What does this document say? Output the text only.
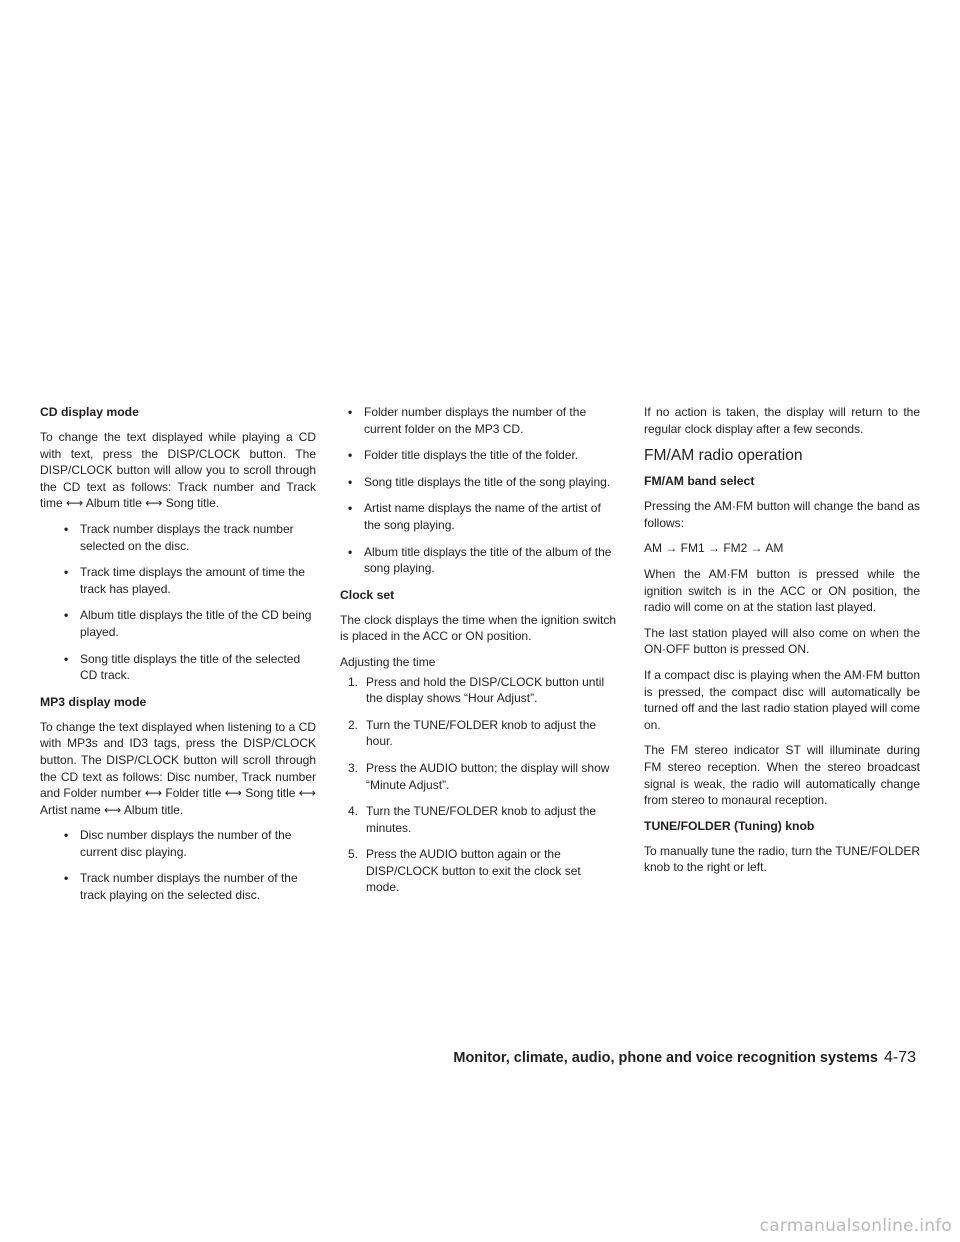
CD display mode

To change the text displayed while playing a CD with text, press the DISP/CLOCK button. The DISP/CLOCK button will allow you to scroll through the CD text as follows: Track number and Track time ⟷ Album title ⟷ Song title.

• Track number displays the track number selected on the disc.
• Track time displays the amount of time the track has played.
• Album title displays the title of the CD being played.
• Song title displays the title of the selected CD track.
MP3 display mode

To change the text displayed when listening to a CD with MP3s and ID3 tags, press the DISP/CLOCK button. The DISP/CLOCK button will scroll through the CD text as follows: Disc number, Track number and Folder number ⟷ Folder title ⟷ Song title ⟷ Artist name ⟷ Album title.

• Disc number displays the number of the current disc playing.
• Track number displays the number of the track playing on the selected disc.
• Folder number displays the number of the current folder on the MP3 CD.
• Folder title displays the title of the folder.
• Song title displays the title of the song playing.
• Artist name displays the name of the artist of the song playing.
• Album title displays the title of the album of the song playing.
Clock set

The clock displays the time when the ignition switch is placed in the ACC or ON position.

Adjusting the time

1. Press and hold the DISP/CLOCK button until the display shows “Hour Adjust”.
2. Turn the TUNE/FOLDER knob to adjust the hour.
3. Press the AUDIO button; the display will show “Minute Adjust”.
4. Turn the TUNE/FOLDER knob to adjust the minutes.
5. Press the AUDIO button again or the DISP/CLOCK button to exit the clock set mode.

If no action is taken, the display will return to the regular clock display after a few seconds.

FM/AM radio operation
FM/AM band select

Pressing the AM·FM button will change the band as follows:

AM → FM1 → FM2 → AM

When the AM·FM button is pressed while the ignition switch is in the ACC or ON position, the radio will come on at the station last played.

The last station played will also come on when the ON·OFF button is pressed ON.

If a compact disc is playing when the AM·FM button is pressed, the compact disc will automatically be turned off and the last radio station played will come on.

The FM stereo indicator ST will illuminate during FM stereo reception. When the stereo broadcast signal is weak, the radio will automatically change from stereo to monaural reception.

TUNE/FOLDER (Tuning) knob

To manually tune the radio, turn the TUNE/FOLDER knob to the right or left.

Monitor, climate, audio, phone and voice recognition systems 4-73
carmanualsonline.info
